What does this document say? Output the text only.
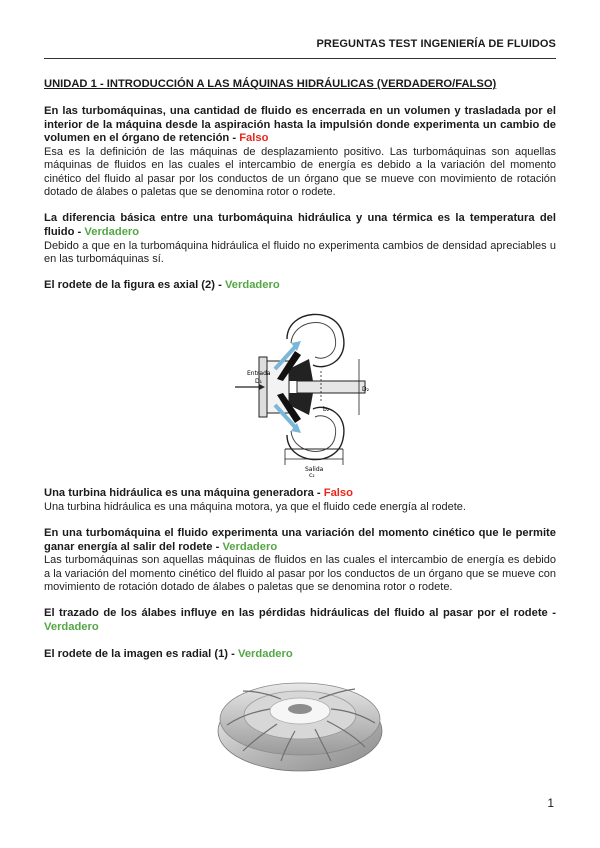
PREGUNTAS TEST INGENIERÍA DE FLUIDOS

UNIDAD 1 - INTRODUCCIÓN A LAS MÁQUINAS HIDRÁULICAS (VERDADERO/FALSO)

En las turbomáquinas, una cantidad de fluido es encerrada en un volumen y trasladada por el interior de la máquina desde la aspiración hasta la impulsión donde experimenta un cambio de volumen en el órgano de retención - Falso

Esa es la definición de las máquinas de desplazamiento positivo. Las turbomáquinas son aquellas máquinas de fluidos en las cuales el intercambio de energía es debido a la variación del momento cinético del fluido al pasar por los conductos de un órgano que se mueve con movimiento de rotación dotado de álabes o paletas que se denomina rotor o rodete.

La diferencia básica entre una turbomáquina hidráulica y una térmica es la temperatura del fluido - Verdadero

Debido a que en la turbomáquina hidráulica el fluido no experimenta cambios de densidad apreciables u en las turbomáquinas sí.

El rodete de la figura es axial (2) - Verdadero

Entrada
D₁
D₂
b₂
Salida
c₂

Una turbina hidráulica es una máquina generadora - Falso

Una turbina hidráulica es una máquina motora, ya que el fluido cede energía al rodete.

En una turbomáquina el fluido experimenta una variación del momento cinético que le permite ganar energía al salir del rodete - Verdadero

Las turbomáquinas son aquellas máquinas de fluidos en las cuales el intercambio de energía es debido a la variación del momento cinético del fluido al pasar por los conductos de un órgano que se mueve con movimiento de rotación dotado de álabes o paletas que se denomina rotor o rodete.

El trazado de los álabes influye en las pérdidas hidráulicas del fluido al pasar por el rodete - Verdadero

El rodete de la imagen es radial (1) - Verdadero

1
